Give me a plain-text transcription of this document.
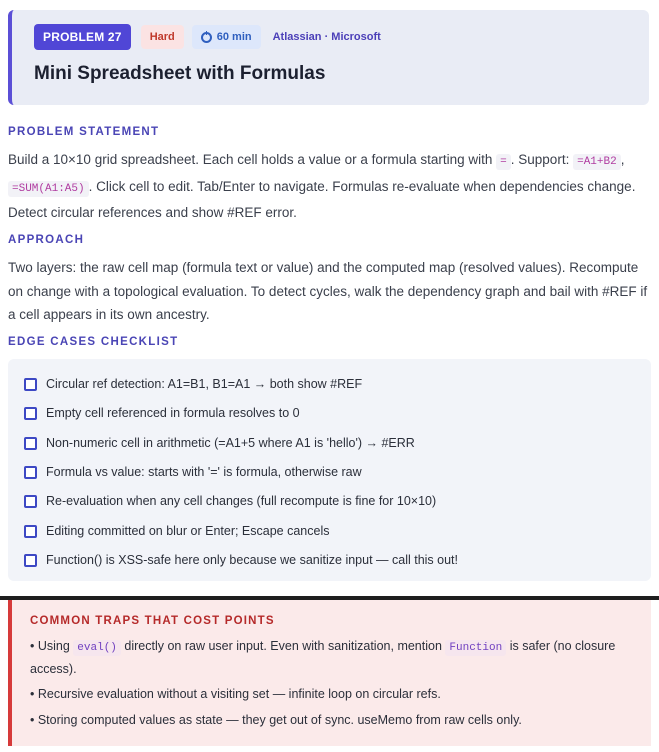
PROBLEM 27	Hard	60 min Atlassian · Microsoft
Mini Spreadsheet with Formulas
PROBLEM STATEMENT
Build a 10×10 grid spreadsheet. Each cell holds a value or a formula starting with = . Support: =A1+B2 , =SUM(A1:A5) . Click cell to edit. Tab/Enter to navigate. Formulas re-evaluate when dependencies change. Detect circular references and show #REF error.
APPROACH
Two layers: the raw cell map (formula text or value) and the computed map (resolved values). Recompute on change with a topological evaluation. To detect cycles, walk the dependency graph and bail with #REF if a cell appears in its own ancestry.
EDGE CASES CHECKLIST
Circular ref detection: A1=B1, B1=A1 → both show #REF
Empty cell referenced in formula resolves to 0
Non-numeric cell in arithmetic (=A1+5 where A1 is 'hello') → #ERR
Formula vs value: starts with '=' is formula, otherwise raw
Re-evaluation when any cell changes (full recompute is fine for 10×10)
Editing committed on blur or Enter; Escape cancels
Function() is XSS-safe here only because we sanitize input — call this out!
COMMON TRAPS THAT COST POINTS
• Using eval() directly on raw user input. Even with sanitization, mention Function is safer (no closure access).
• Recursive evaluation without a visiting set — infinite loop on circular refs.
• Storing computed values as state — they get out of sync. useMemo from raw cells only.
